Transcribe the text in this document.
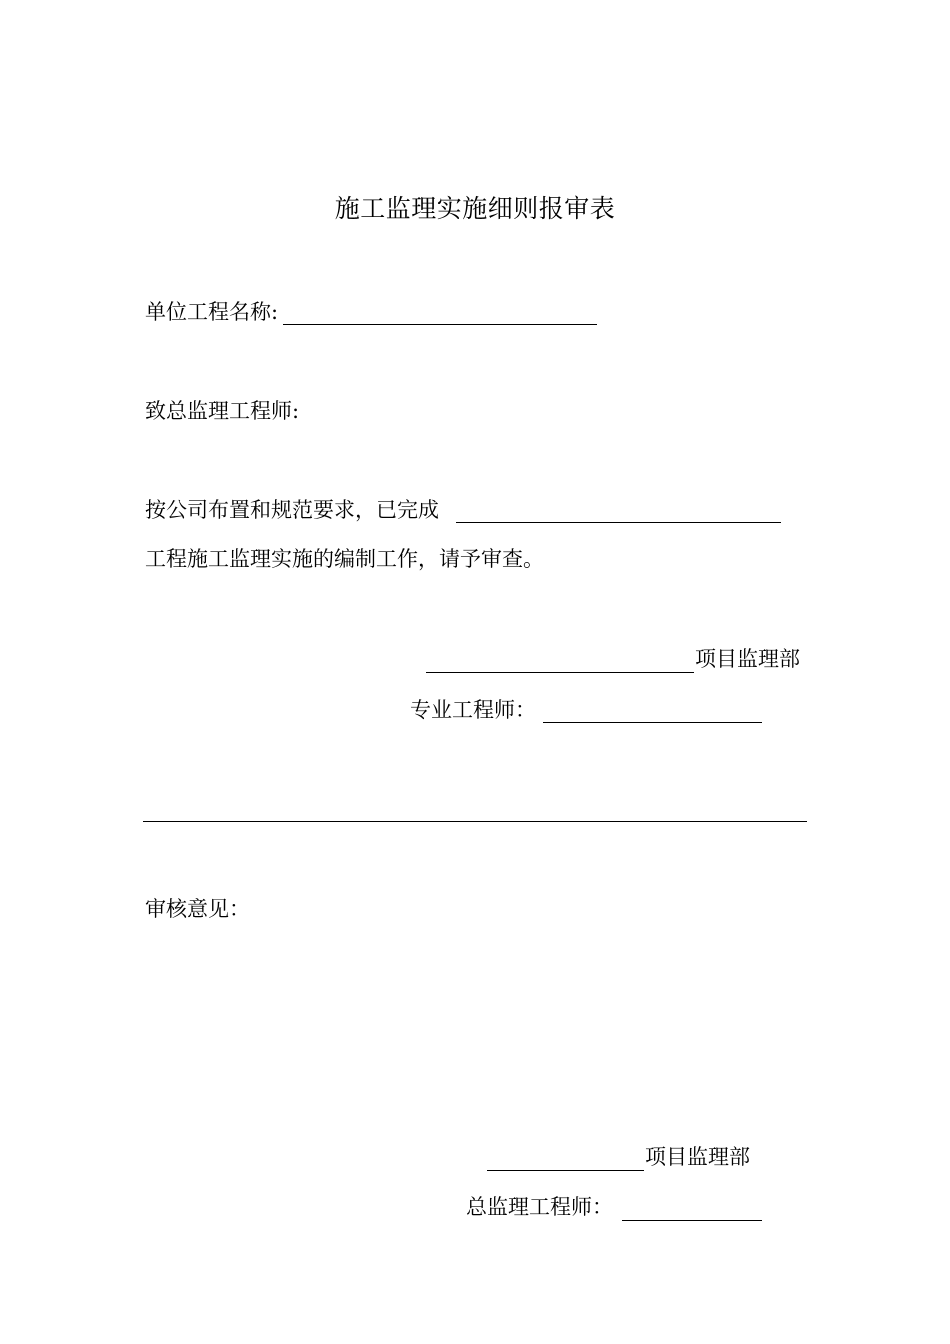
施工监理实施细则报审表
单位工程名称:
致总监理工程师:
按公司布置和规范要求，已完成
工程施工监理实施的编制工作，请予审查。
项目监理部
专业工程师：
审核意见：
项目监理部
总监理工程师：
